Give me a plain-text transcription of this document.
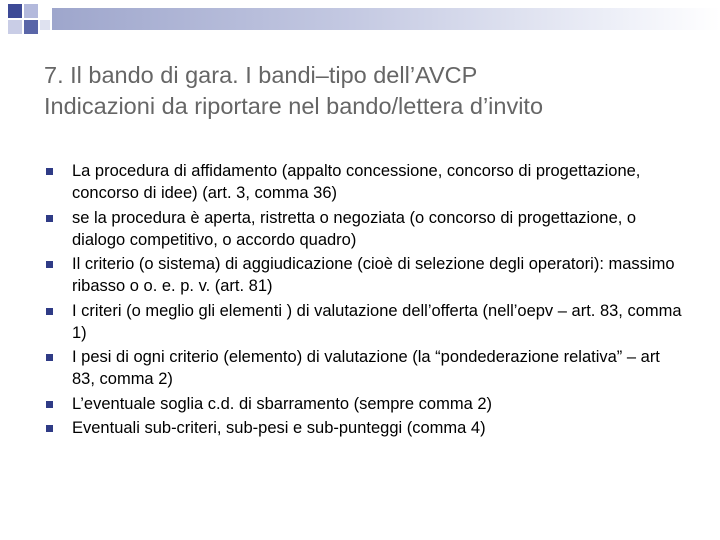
7. Il bando di gara. I bandi–tipo dell’AVCP
Indicazioni da riportare nel bando/lettera d’invito
La procedura di affidamento (appalto concessione, concorso di progettazione, concorso di idee) (art. 3, comma 36)
se la procedura è aperta, ristretta o negoziata (o concorso di progettazione, o dialogo competitivo, o accordo quadro)
Il criterio (o sistema) di aggiudicazione (cioè di selezione degli operatori): massimo ribasso o o. e. p. v. (art. 81)
I criteri (o meglio gli elementi ) di valutazione dell’offerta (nell’oepv – art. 83, comma 1)
I pesi di ogni criterio (elemento) di valutazione (la “pondederazione relativa” – art 83, comma 2)
L’eventuale soglia c.d. di sbarramento (sempre comma 2)
Eventuali sub-criteri, sub-pesi e sub-punteggi (comma 4)
